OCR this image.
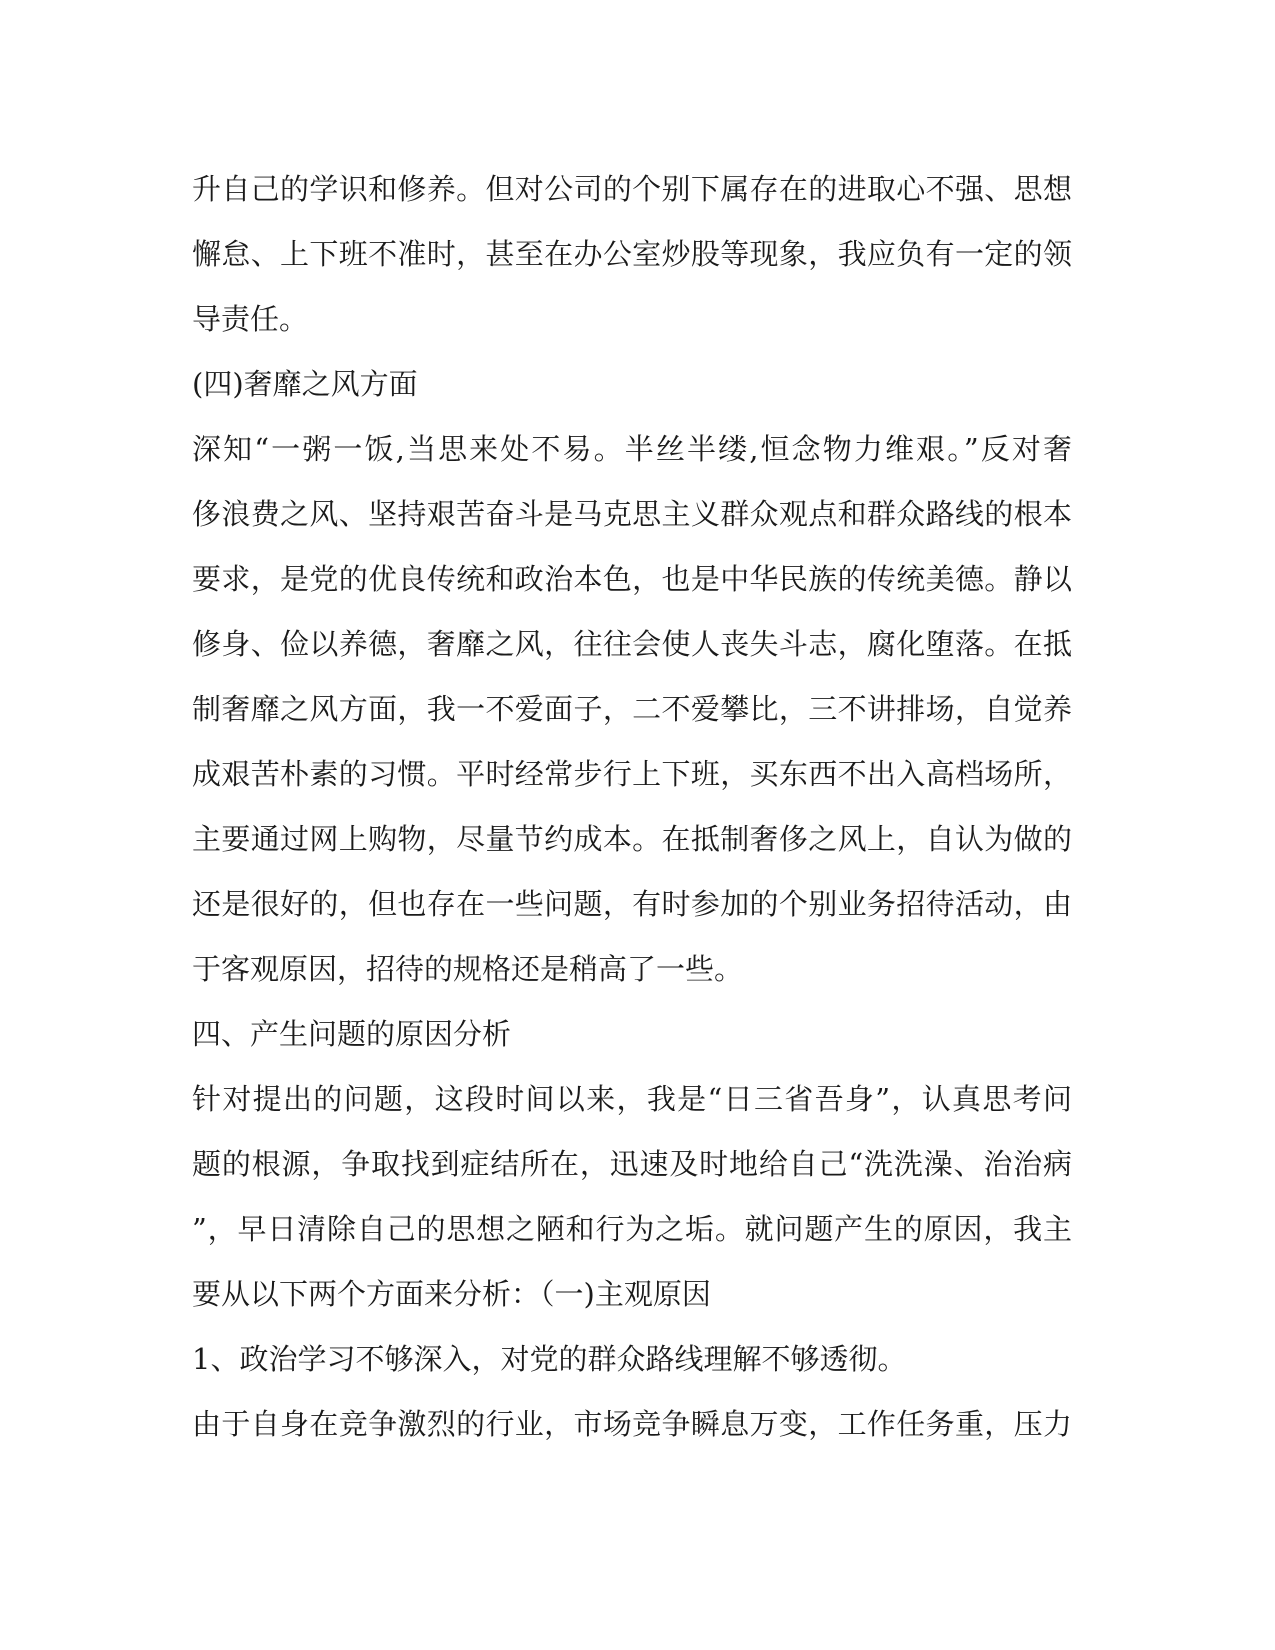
升自己的学识和修养。但对公司的个别下属存在的进取心不强、思想
懈怠、上下班不准时，甚至在办公室炒股等现象，我应负有一定的领
导责任。
(四)奢靡之风方面
深知“一粥一饭,当思来处不易。半丝半缕,恒念物力维艰。”反对奢
侈浪费之风、坚持艰苦奋斗是马克思主义群众观点和群众路线的根本
要求，是党的优良传统和政治本色，也是中华民族的传统美德。静以
修身、俭以养德，奢靡之风，往往会使人丧失斗志，腐化堕落。在抵
制奢靡之风方面，我一不爱面子，二不爱攀比，三不讲排场，自觉养
成艰苦朴素的习惯。平时经常步行上下班，买东西不出入高档场所，
主要通过网上购物，尽量节约成本。在抵制奢侈之风上，自认为做的
还是很好的，但也存在一些问题，有时参加的个别业务招待活动，由
于客观原因，招待的规格还是稍高了一些。
四、产生问题的原因分析
针对提出的问题，这段时间以来，我是“日三省吾身”，认真思考问
题的根源，争取找到症结所在，迅速及时地给自己“洗洗澡、治治病
”，早日清除自己的思想之陋和行为之垢。就问题产生的原因，我主
要从以下两个方面来分析：（一)主观原因
1、政治学习不够深入，对党的群众路线理解不够透彻。
由于自身在竞争激烈的行业，市场竞争瞬息万变，工作任务重，压力
